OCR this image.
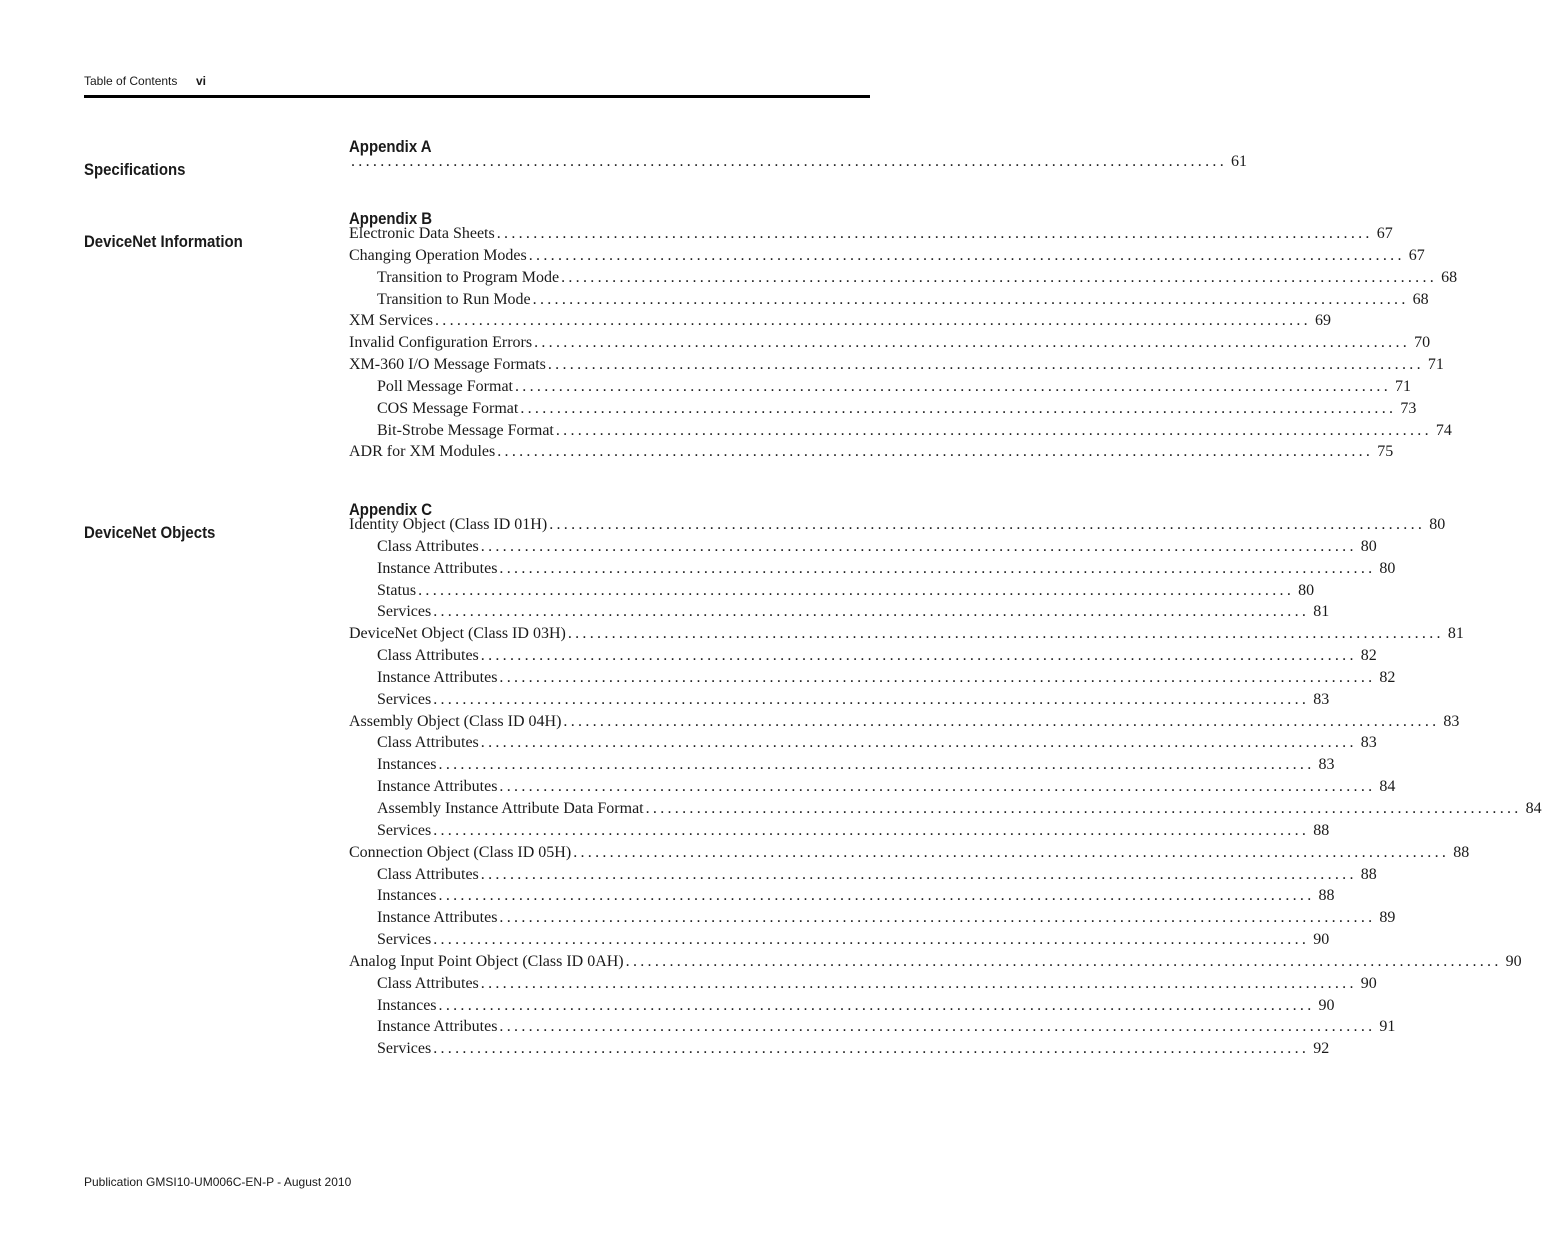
Table of Contents vi
Appendix A
Specifications	........................................................................................................................ 61
Appendix B
DeviceNet Information	Electronic Data Sheets ........................................................................................................................ 67
Changing Operation Modes ........................................................................................................................ 67
Transition to Program Mode ........................................................................................................................ 68
Transition to Run Mode ........................................................................................................................ 68
XM Services ........................................................................................................................ 69
Invalid Configuration Errors ........................................................................................................................ 70
XM-360 I/O Message Formats ........................................................................................................................ 71
Poll Message Format ........................................................................................................................ 71
COS Message Format ........................................................................................................................ 73
Bit-Strobe Message Format ........................................................................................................................ 74
ADR for XM Modules ........................................................................................................................ 75
Appendix C
DeviceNet Objects	Identity Object (Class ID 01H) ........................................................................................................................ 80
Class Attributes ........................................................................................................................ 80
Instance Attributes ........................................................................................................................ 80
Status ........................................................................................................................ 80
Services ........................................................................................................................ 81
DeviceNet Object (Class ID 03H) ........................................................................................................................ 81
Class Attributes ........................................................................................................................ 82
Instance Attributes ........................................................................................................................ 82
Services ........................................................................................................................ 83
Assembly Object (Class ID 04H) ........................................................................................................................ 83
Class Attributes ........................................................................................................................ 83
Instances ........................................................................................................................ 83
Instance Attributes ........................................................................................................................ 84
Assembly Instance Attribute Data Format ........................................................................................................................ 84
Services ........................................................................................................................ 88
Connection Object (Class ID 05H) ........................................................................................................................ 88
Class Attributes ........................................................................................................................ 88
Instances ........................................................................................................................ 88
Instance Attributes ........................................................................................................................ 89
Services ........................................................................................................................ 90
Analog Input Point Object (Class ID 0AH) ........................................................................................................................ 90
Class Attributes ........................................................................................................................ 90
Instances ........................................................................................................................ 90
Instance Attributes ........................................................................................................................ 91
Services ........................................................................................................................ 92
Publication GMSI10-UM006C-EN-P - August 2010
